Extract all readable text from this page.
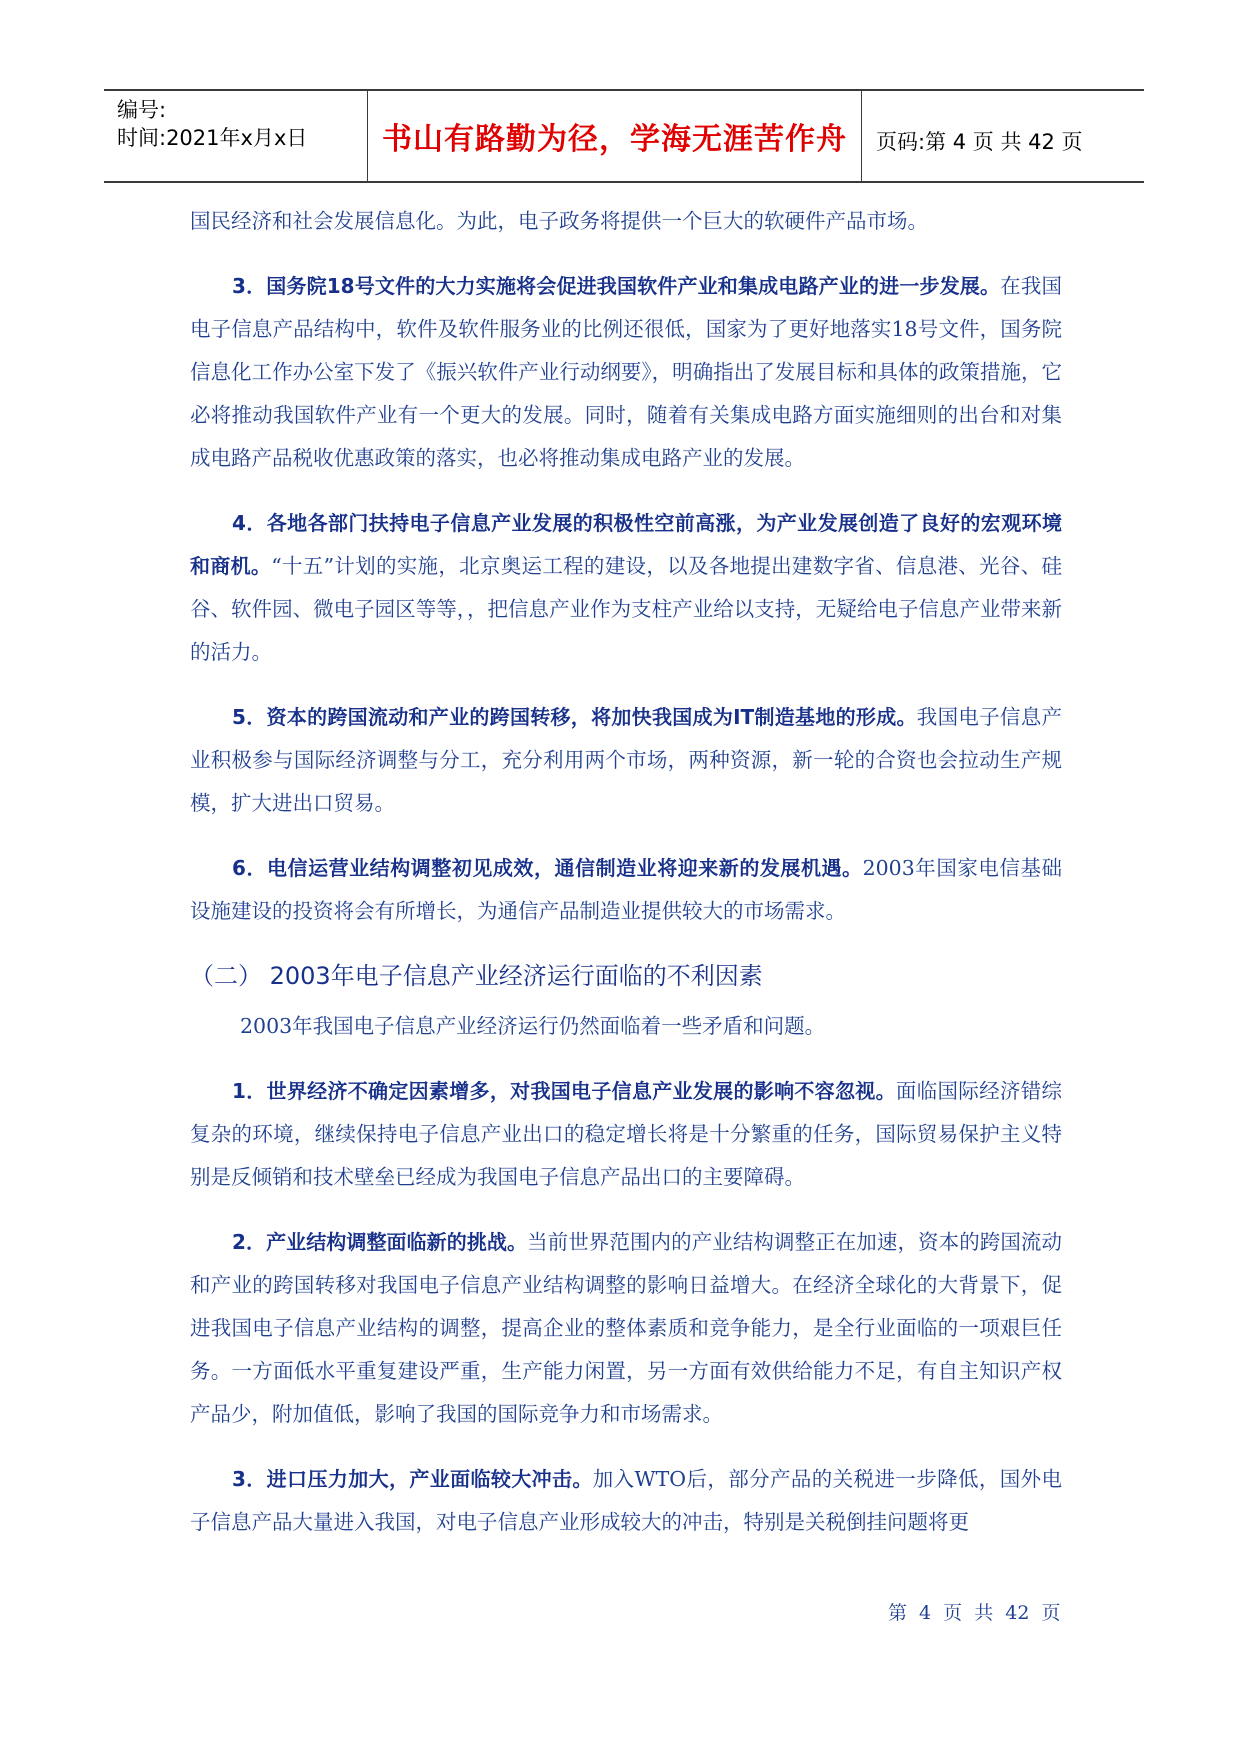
编号:
时间:2021年x月x日 书山有路勤为径，学海无涯苦作舟 页码:第 4 页 共 42 页

国民经济和社会发展信息化。为此，电子政务将提供一个巨大的软硬件产品市场。

3．国务院18号文件的大力实施将会促进我国软件产业和集成电路产业的进一步发展。在我国电子信息产品结构中，软件及软件服务业的比例还很低，国家为了更好地落实18号文件，国务院信息化工作办公室下发了《振兴软件产业行动纲要》，明确指出了发展目标和具体的政策措施，它必将推动我国软件产业有一个更大的发展。同时，随着有关集成电路方面实施细则的出台和对集成电路产品税收优惠政策的落实，也必将推动集成电路产业的发展。

4．各地各部门扶持电子信息产业发展的积极性空前高涨，为产业发展创造了良好的宏观环境和商机。“十五”计划的实施，北京奥运工程的建设，以及各地提出建数字省、信息港、光谷、硅谷、软件园、微电子园区等等，，把信息产业作为支柱产业给以支持，无疑给电子信息产业带来新的活力。

5．资本的跨国流动和产业的跨国转移，将加快我国成为IT制造基地的形成。我国电子信息产业积极参与国际经济调整与分工，充分利用两个市场，两种资源，新一轮的合资也会拉动生产规模，扩大进出口贸易。

6．电信运营业结构调整初见成效，通信制造业将迎来新的发展机遇。2003年国家电信基础设施建设的投资将会有所增长，为通信产品制造业提供较大的市场需求。

（二） 2003年电子信息产业经济运行面临的不利因素

2003年我国电子信息产业经济运行仍然面临着一些矛盾和问题。

1．世界经济不确定因素增多，对我国电子信息产业发展的影响不容忽视。面临国际经济错综复杂的环境，继续保持电子信息产业出口的稳定增长将是十分繁重的任务，国际贸易保护主义特别是反倾销和技术壁垒已经成为我国电子信息产品出口的主要障碍。

2．产业结构调整面临新的挑战。当前世界范围内的产业结构调整正在加速，资本的跨国流动和产业的跨国转移对我国电子信息产业结构调整的影响日益增大。在经济全球化的大背景下，促进我国电子信息产业结构的调整，提高企业的整体素质和竞争能力，是全行业面临的一项艰巨任务。一方面低水平重复建设严重，生产能力闲置，另一方面有效供给能力不足，有自主知识产权产品少，附加值低，影响了我国的国际竞争力和市场需求。

3．进口压力加大，产业面临较大冲击。加入WTO后，部分产品的关税进一步降低，国外电子信息产品大量进入我国，对电子信息产业形成较大的冲击，特别是关税倒挂问题将更

第 4 页 共 42 页
